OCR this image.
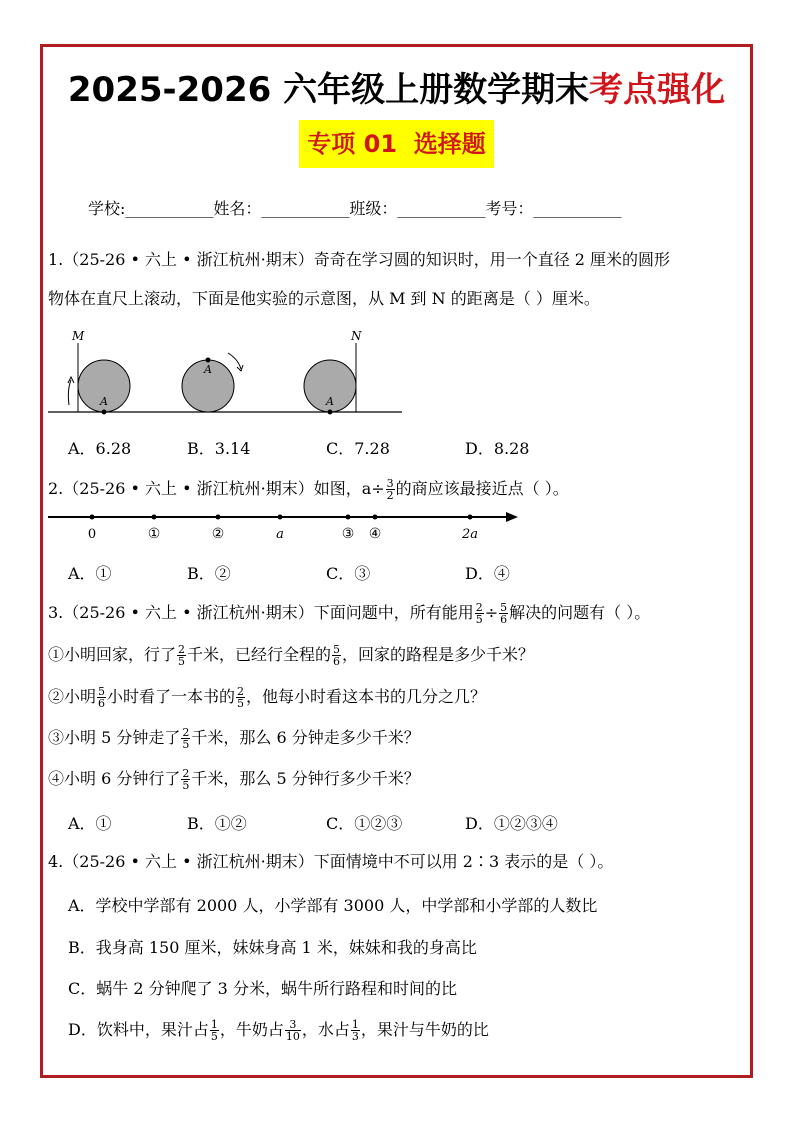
2025-2026 六年级上册数学期末考点强化
专项 01  选择题
学校:___________姓名：___________班级：___________考号：___________
1.（25-26 • 六上 • 浙江杭州·期末）奇奇在学习圆的知识时，用一个直径 2 厘米的圆形
物体在直尺上滚动，下面是他实验的示意图，从 M 到 N 的距离是（ ）厘米。
M	N
A
A
A
A．6.28	B．3.14	C．7.28	D．8.28
2.（25-26 • 六上 • 浙江杭州·期末）如图，$a\div \frac{3}{2}$ 的商应该最接近点（ ）。
0	①	②	a	③ ④	2a
A．①	B．②	C．③	D．④
3.（25-26 • 六上 • 浙江杭州·期末）下面问题中，所有能用 $\frac{2}{5} \div \frac{5}{6}$ 解决的问题有（ ）。
①小明回家，行了 $\frac{2}{5}$ 千米，已经行全程的 $\frac{5}{6}$ ，回家的路程是多少千米？
②小明 $\frac{5}{6}$ 小时看了一本书的 $\frac{2}{5}$ ，他每小时看这本书的几分之几？
③小明 5 分钟走了 $\frac{2}{5}$ 千米，那么 6 分钟走多少千米？
④小明 6 分钟行了 $\frac{2}{5}$ 千米，那么 5 分钟行多少千米？
A．①	B．①②	C．①②③	D．①②③④
4.（25-26 • 六上 • 浙江杭州·期末）下面情境中不可以用 2∶3 表示的是（ ）。
A．学校中学部有 2000 人，小学部有 3000 人，中学部和小学部的人数比
B．我身高 150 厘米，妹妹身高 1 米，妹妹和我的身高比
C．蜗牛 2 分钟爬了 3 分米，蜗牛所行路程和时间的比
D．饮料中，果汁占 $\frac{1}{5}$ ，牛奶占 $\frac{3}{10}$ ，水占 $\frac{1}{3}$ ，果汁与牛奶的比
